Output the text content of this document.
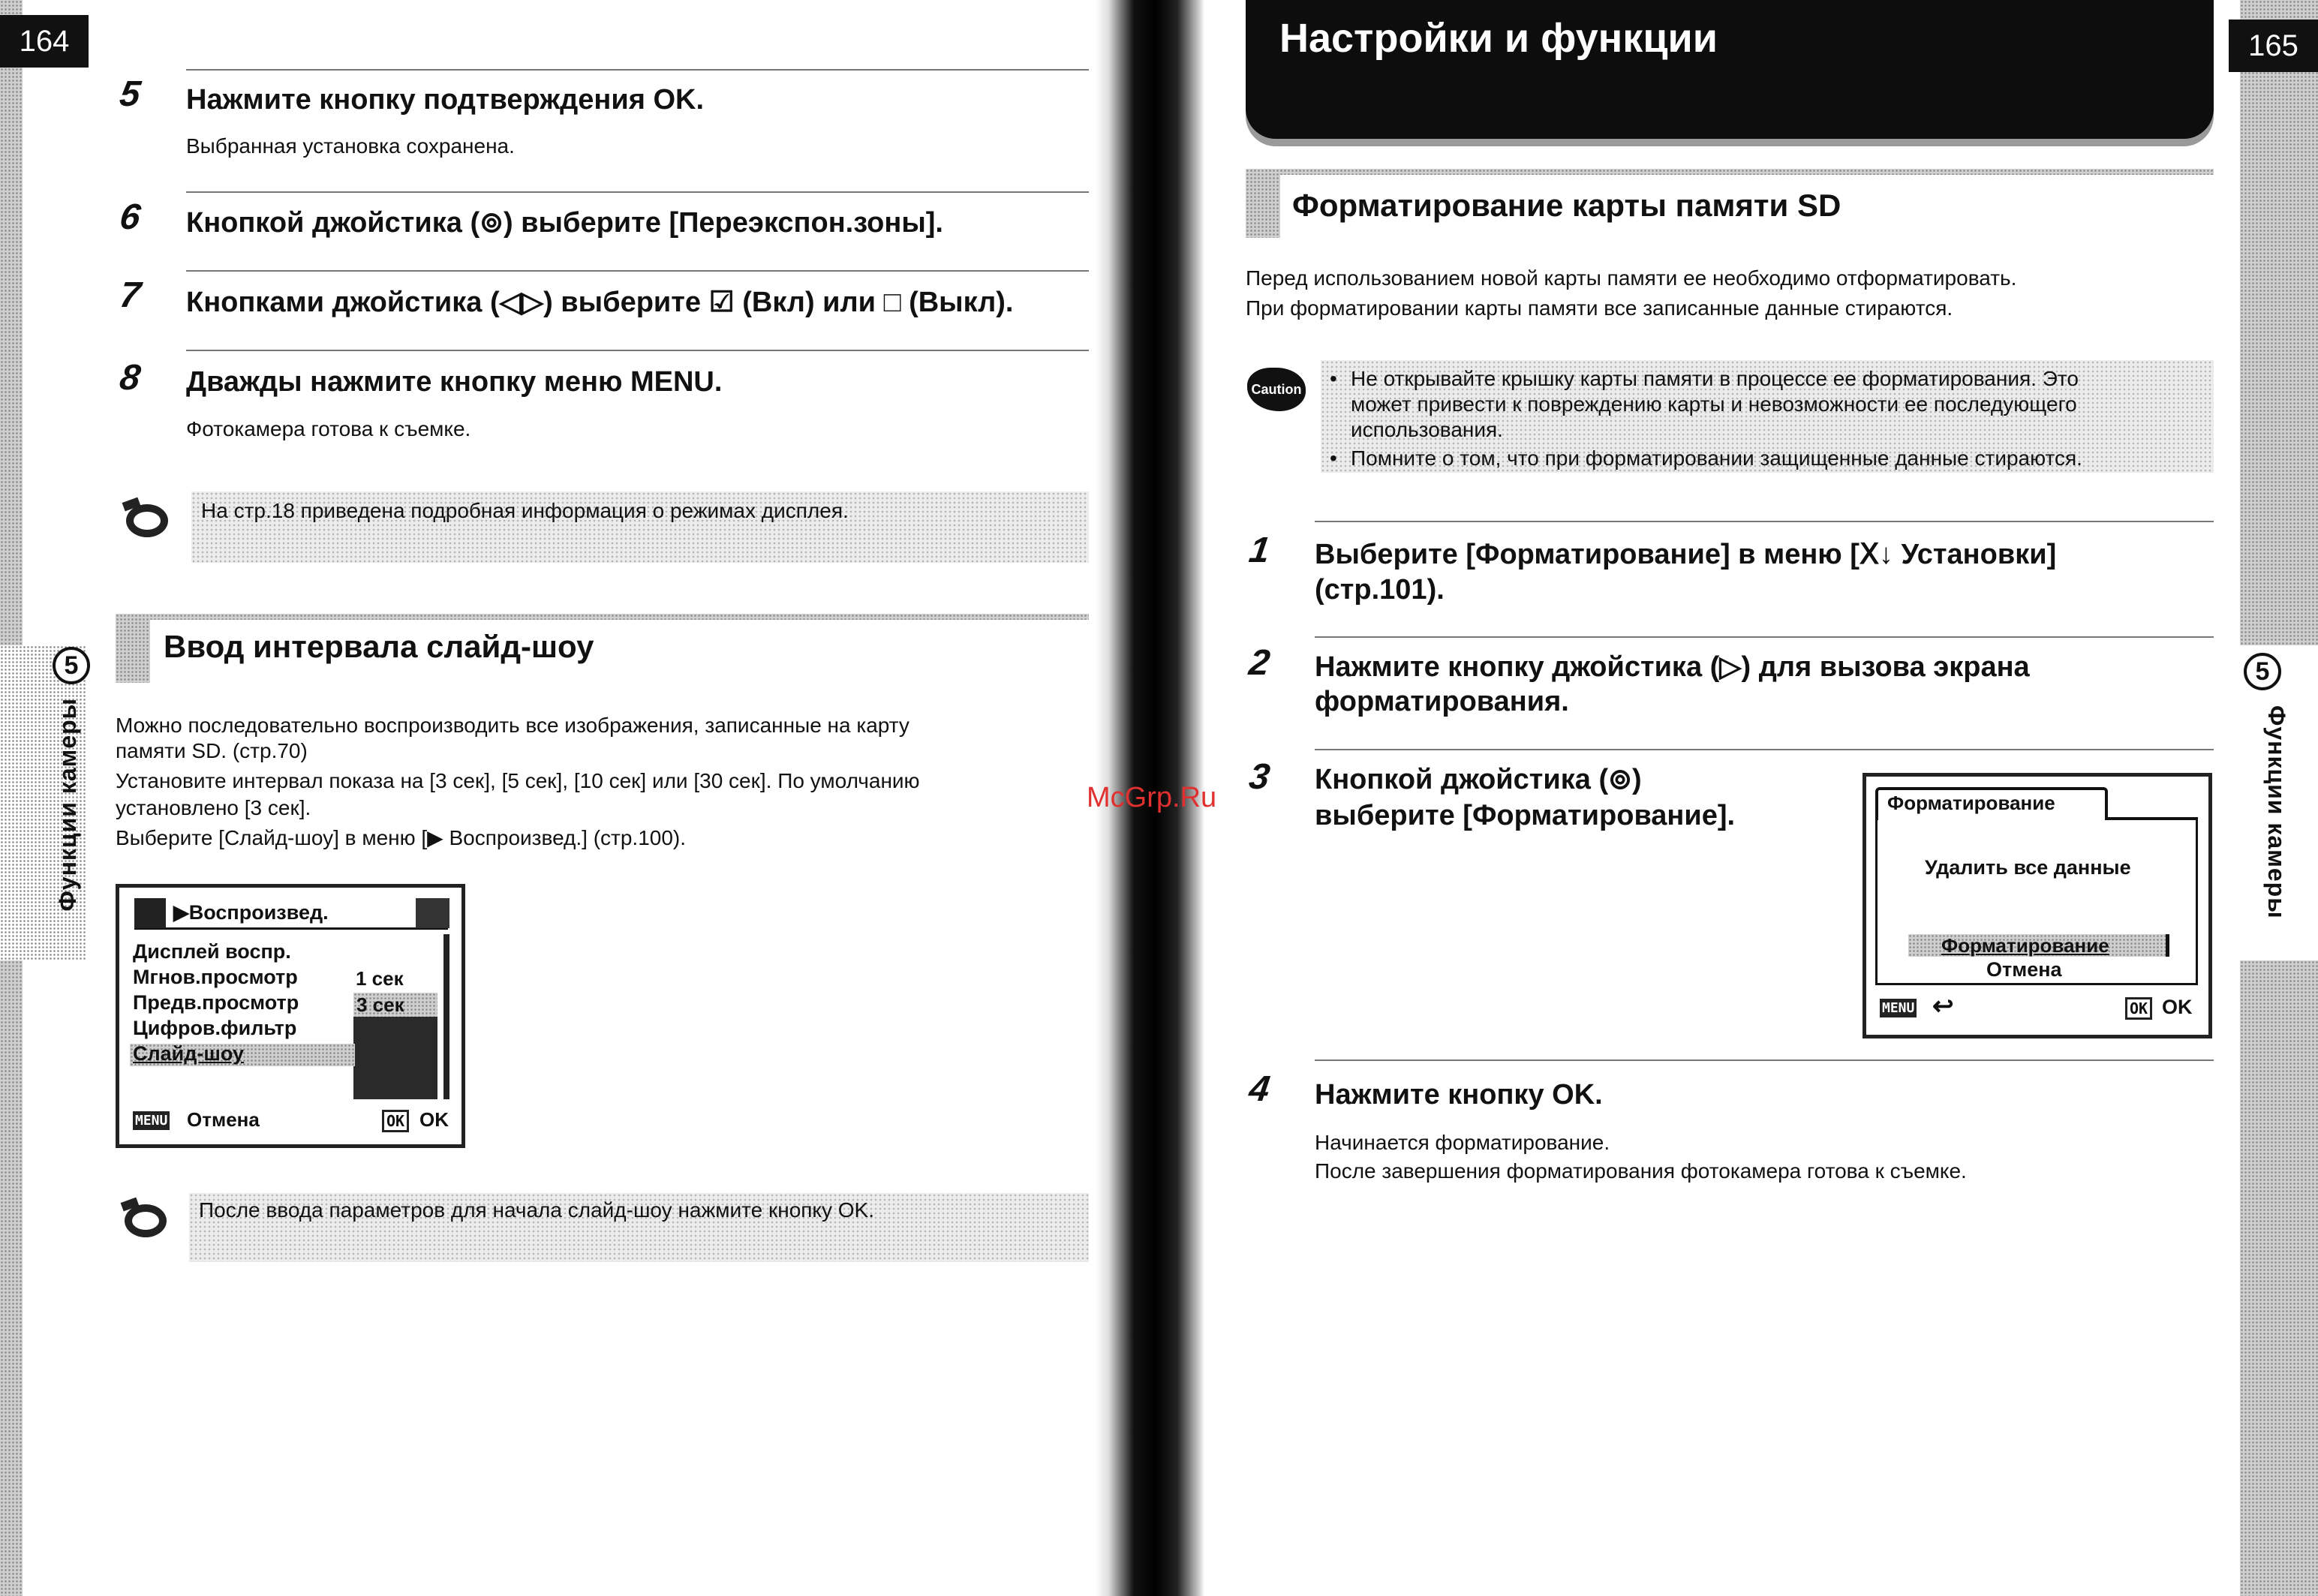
164
5
Функции камеры
5 Нажмите кнопку подтверждения OK.
Выбранная установка сохранена.
6 Кнопкой джойстика (⊚) выберите [Переэкспон.зоны].
7 Кнопками джойстика (◁▷) выберите ☑ (Вкл) или □ (Выкл).
8 Дважды нажмите кнопку меню MENU.
Фотокамера готова к съемке.
На стр.18 приведена подробная информация о режимах дисплея.
Ввод интервала слайд-шоу
Можно последовательно воспроизводить все изображения, записанные на карту
памяти SD. (стр.70)
Установите интервал показа на [3 сек], [5 сек], [10 сек] или [30 сек]. По умолчанию
установлено [3 сек].
Выберите [Слайд-шоу] в меню [▶ Воспроизвед.] (стр.100).
▶Воспроизвед.
Дисплей воспр.
Мгнов.просмотр	1 сек
Предв.просмотр	3 сек
Цифров.фильтр
Слайд-шоу
MENU Отмена	OK OK
После ввода параметров для начала слайд-шоу нажмите кнопку OK.
McGrp.Ru
Настройки и функции	165
5
Функции камеры
Форматирование карты памяти SD
Перед использованием новой карты памяти ее необходимо отформатировать.
При форматировании карты памяти все записанные данные стираются.
Caution • Не открывайте крышку карты памяти в процессе ее форматирования. Это
может привести к повреждению карты и невозможности ее последующего
использования.
• Помните о том, что при форматировании защищенные данные стираются.
1 Выберите [Форматирование] в меню [Ⅹ↓ Установки]
(стр.101).
2 Нажмите кнопку джойстика (▷) для вызова экрана
форматирования.
3 Кнопкой джойстика (⊚)
выберите [Форматирование].	Форматирование
Удалить все данные
Форматирование
Отмена
MENU ↩	OK OK
4 Нажмите кнопку OK.
Начинается форматирование.
После завершения форматирования фотокамера готова к съемке.
